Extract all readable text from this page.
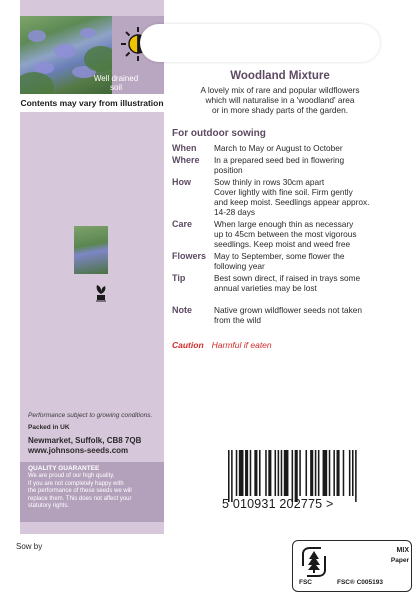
Well drained soil
Contents may vary from illustration
Performance subject to growing conditions.
Packed in UK
Newmarket, Suffolk, CB8 7QB
www.johnsons-seeds.com
QUALITY GUARANTEE
We are proud of our high quality.
If you are not completely happy with
the performance of these seeds we will
replace them. This does not affect your
statutory rights.
Woodland Mixture
A lovely mix of rare and popular wildflowers
which will naturalise in a 'woodland' area
or in more shady parts of the garden.
For outdoor sowing
When March to May or August to October
Where In a prepared seed bed in flowering
position
How	Sow thinly in rows 30cm apart
Cover lightly with fine soil. Firm gently
and keep moist. Seedlings appear approx.
14-28 days
Care	When large enough thin as necessary
up to 45cm between the most vigorous
seedlings. Keep moist and weed free
Flowers May to September, some flower the
following year
Tip	Best sown direct, if raised in trays some
annual varieties may be lost
Note	Native grown wildflower seeds not taken
from the wild
Caution Harmful if eaten
5 010931 202775 >
Sow by
FSC
MIX
Paper
FSC® C005193
